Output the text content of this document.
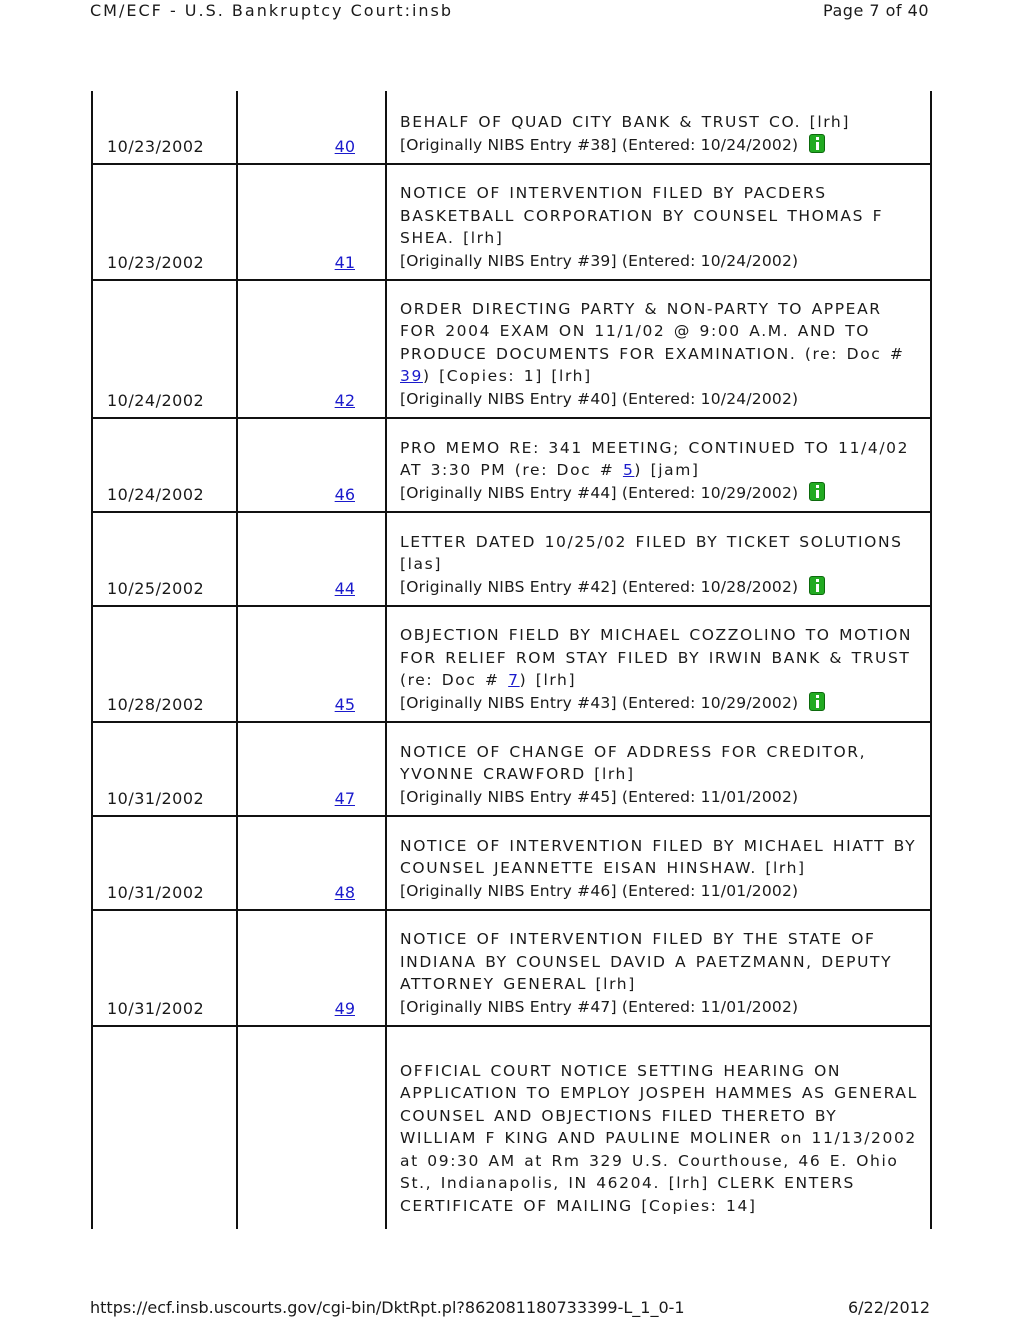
CM/ECF - U.S. Bankruptcy Court:insb	Page 7 of 40
10/23/2002	40	BEHALF OF QUAD CITY BANK & TRUST CO. [lrh]
[Originally NIBS Entry #38] (Entered: 10/24/2002)
10/23/2002	41	NOTICE OF INTERVENTION FILED BY PACDERS BASKETBALL CORPORATION BY COUNSEL THOMAS F SHEA. [lrh]
[Originally NIBS Entry #39] (Entered: 10/24/2002)
10/24/2002	42	ORDER DIRECTING PARTY & NON-PARTY TO APPEAR FOR 2004 EXAM ON 11/1/02 @ 9:00 A.M. AND TO PRODUCE DOCUMENTS FOR EXAMINATION. (re: Doc # 39) [Copies: 1] [lrh]
[Originally NIBS Entry #40] (Entered: 10/24/2002)
10/24/2002	46	PRO MEMO RE: 341 MEETING; CONTINUED TO 11/4/02 AT 3:30 PM (re: Doc # 5) [jam]
[Originally NIBS Entry #44] (Entered: 10/29/2002)
10/25/2002	44	LETTER DATED 10/25/02 FILED BY TICKET SOLUTIONS [las]
[Originally NIBS Entry #42] (Entered: 10/28/2002)
10/28/2002	45	OBJECTION FIELD BY MICHAEL COZZOLINO TO MOTION FOR RELIEF ROM STAY FILED BY IRWIN BANK & TRUST (re: Doc # 7) [lrh]
[Originally NIBS Entry #43] (Entered: 10/29/2002)
10/31/2002	47	NOTICE OF CHANGE OF ADDRESS FOR CREDITOR, YVONNE CRAWFORD [lrh]
[Originally NIBS Entry #45] (Entered: 11/01/2002)
10/31/2002	48	NOTICE OF INTERVENTION FILED BY MICHAEL HIATT BY COUNSEL JEANNETTE EISAN HINSHAW. [lrh]
[Originally NIBS Entry #46] (Entered: 11/01/2002)
10/31/2002	49	NOTICE OF INTERVENTION FILED BY THE STATE OF INDIANA BY COUNSEL DAVID A PAETZMANN, DEPUTY ATTORNEY GENERAL [lrh]
[Originally NIBS Entry #47] (Entered: 11/01/2002)
		OFFICIAL COURT NOTICE SETTING HEARING ON APPLICATION TO EMPLOY JOSPEH HAMMES AS GENERAL COUNSEL AND OBJECTIONS FILED THERETO BY WILLIAM F KING AND PAULINE MOLINER on 11/13/2002 at 09:30 AM at Rm 329 U.S. Courthouse, 46 E. Ohio St., Indianapolis, IN 46204. [lrh] CLERK ENTERS CERTIFICATE OF MAILING [Copies: 14]
https://ecf.insb.uscourts.gov/cgi-bin/DktRpt.pl?862081180733399-L_1_0-1	6/22/2012
